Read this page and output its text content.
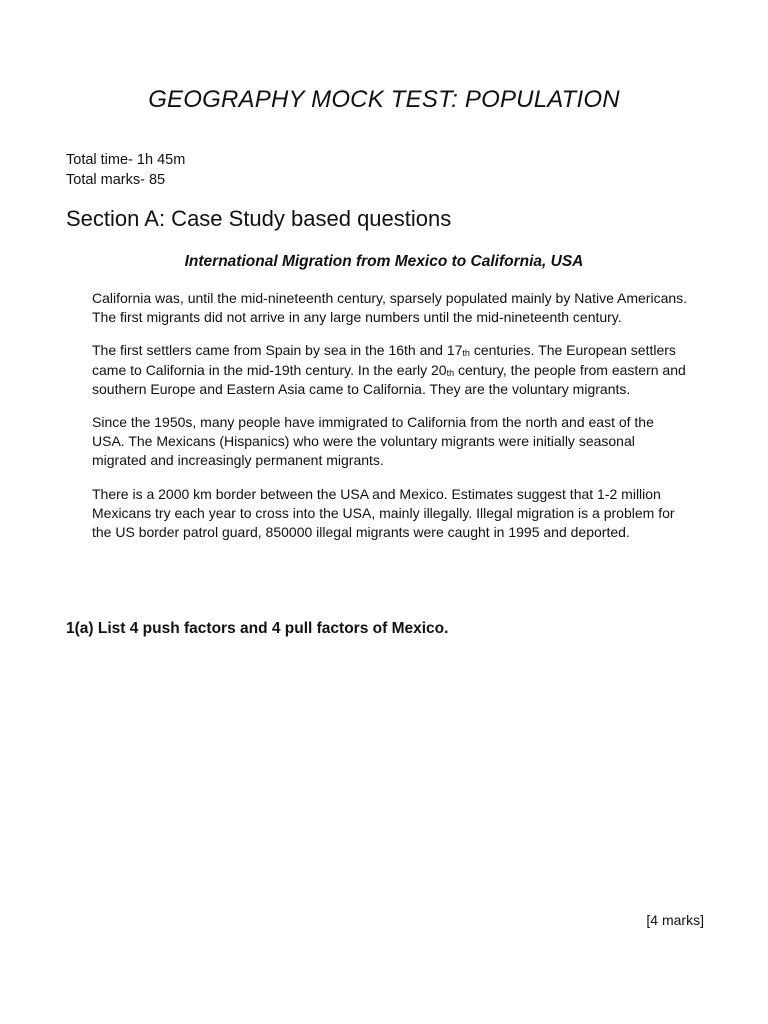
GEOGRAPHY MOCK TEST: POPULATION
Total time- 1h 45m
Total marks- 85
Section A: Case Study based questions
International Migration from Mexico to California, USA

California was, until the mid-nineteenth century, sparsely populated mainly by Native Americans. The first migrants did not arrive in any large numbers until the mid-nineteenth century.

The first settlers came from Spain by sea in the 16th and $17_{th}$ centuries. The European settlers came to California in the mid-19th century. In the early $20_{th}$ century, the people from eastern and southern Europe and Eastern Asia came to California. They are the voluntary migrants.

Since the 1950s, many people have immigrated to California from the north and east of the USA. The Mexicans (Hispanics) who were the voluntary migrants were initially seasonal migrated and increasingly permanent migrants.

There is a 2000 km border between the USA and Mexico. Estimates suggest that 1-2 million Mexicans try each year to cross into the USA, mainly illegally. Illegal migration is a problem for the US border patrol guard, 850000 illegal migrants were caught in 1995 and deported.

1(a) List 4 push factors and 4 pull factors of Mexico.
[4 marks]
